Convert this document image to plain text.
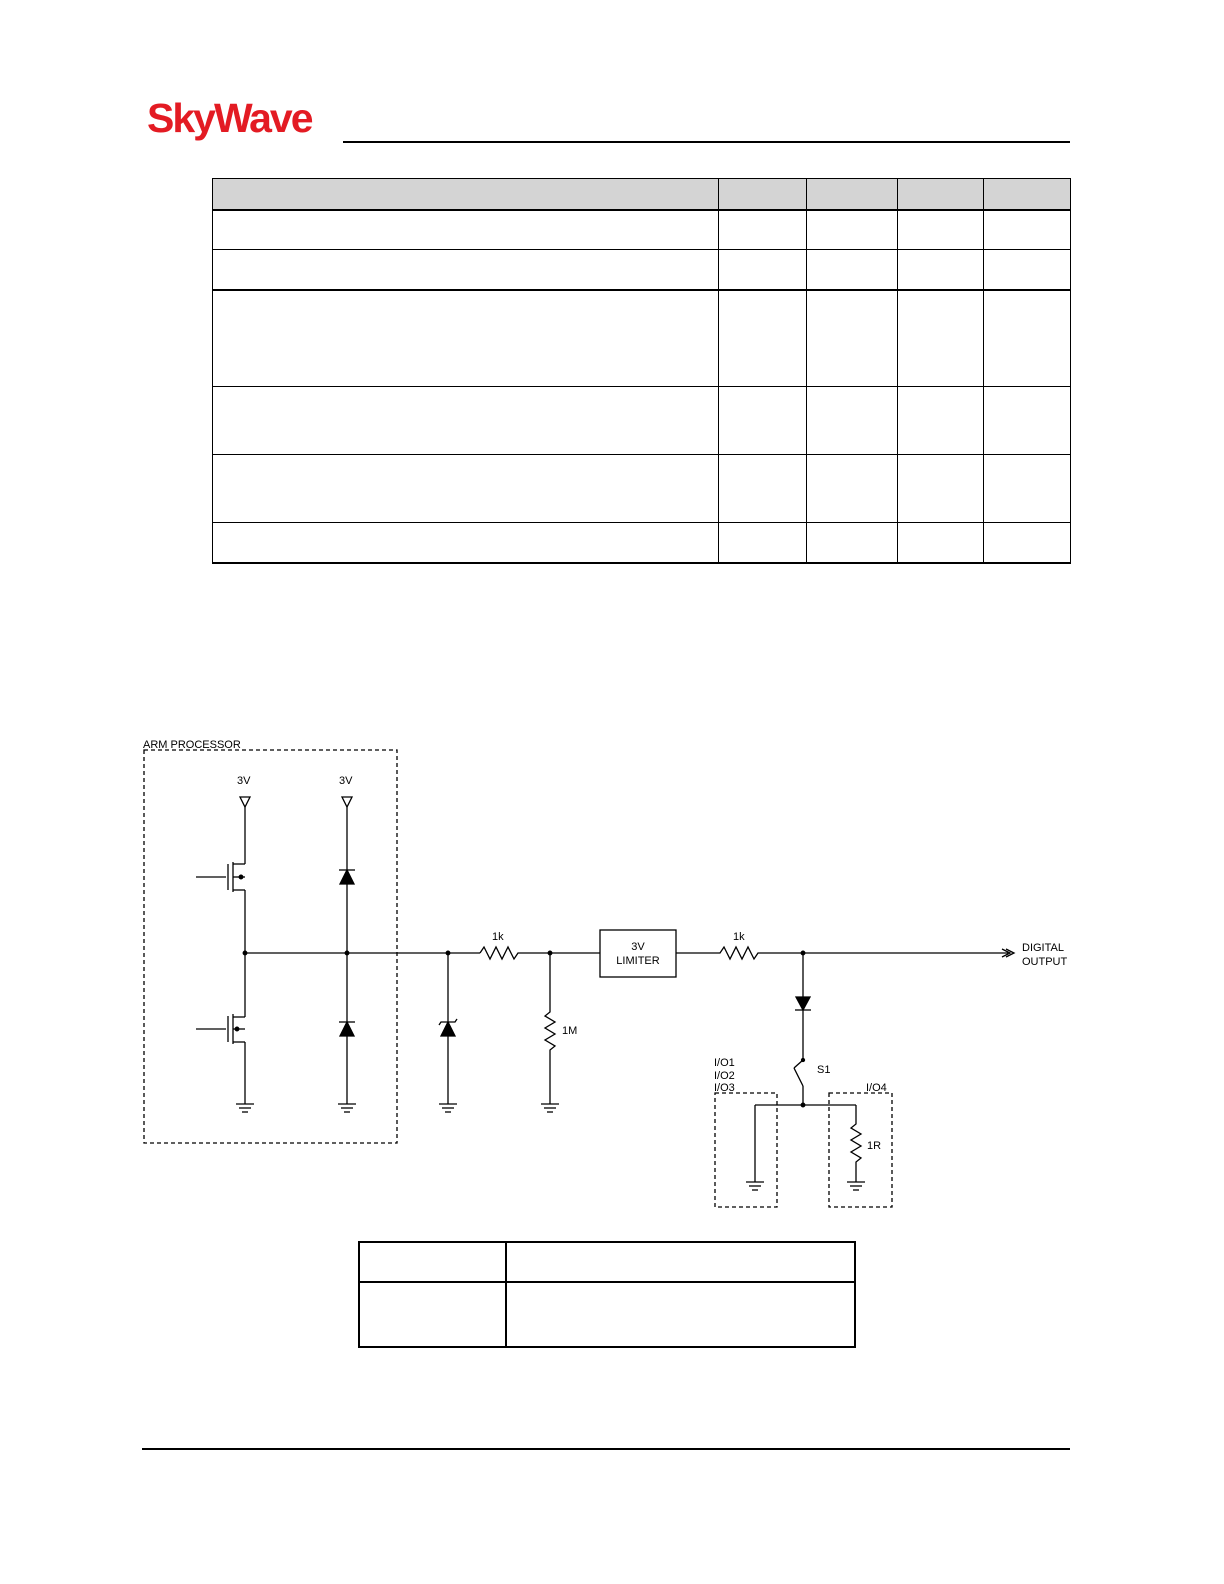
SkyWave

ARM PROCESSOR
3V	3V
1k
1M
3V
LIMITER
1k
DIGITAL
OUTPUT
S1
I/O1
I/O2
I/O3	I/O4
1R
